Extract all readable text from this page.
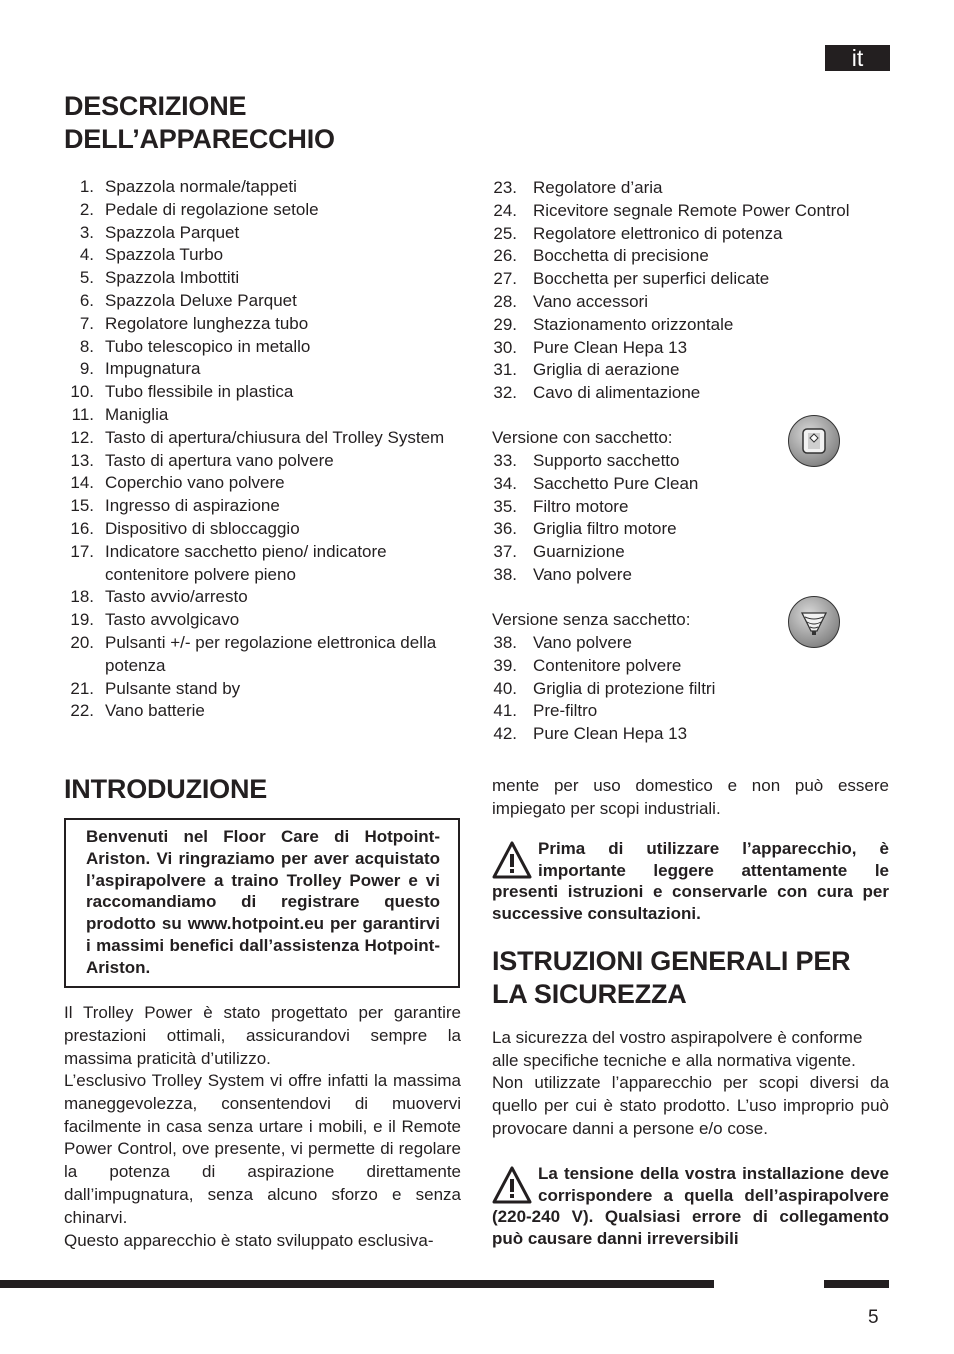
it
DESCRIZIONE
DELL’APPARECCHIO
1. Spazzola normale/tappeti
2. Pedale di regolazione setole
3. Spazzola Parquet
4. Spazzola Turbo
5. Spazzola Imbottiti
6. Spazzola Deluxe Parquet
7. Regolatore lunghezza tubo
8. Tubo telescopico in metallo
9. Impugnatura
10. Tubo flessibile in plastica
11. Maniglia
12. Tasto di apertura/chiusura del Trolley System
13. Tasto di apertura vano polvere
14. Coperchio vano polvere
15. Ingresso di aspirazione
16. Dispositivo di sbloccaggio
17. Indicatore sacchetto pieno/ indicatore contenitore polvere pieno
18. Tasto avvio/arresto
19. Tasto avvolgicavo
20. Pulsanti +/- per regolazione elettronica della potenza
21. Pulsante stand by
22. Vano batterie
23. Regolatore d’aria
24. Ricevitore segnale Remote Power Control
25. Regolatore elettronico di potenza
26. Bocchetta di precisione
27. Bocchetta per superfici delicate
28. Vano accessori
29. Stazionamento orizzontale
30. Pure Clean Hepa 13
31. Griglia di aerazione
32. Cavo di alimentazione
Versione con sacchetto:
33. Supporto sacchetto
34. Sacchetto Pure Clean
35. Filtro motore
36. Griglia filtro motore
37. Guarnizione
38. Vano polvere
Versione senza sacchetto:
38. Vano polvere
39. Contenitore polvere
40. Griglia di protezione filtri
41. Pre-filtro
42. Pure Clean Hepa 13
INTRODUZIONE
Benvenuti nel Floor Care di Hotpoint-Ariston. Vi ringraziamo per aver acquistato l’aspirapolvere a traino Trolley Power e vi raccomandiamo di registrare questo prodotto su www.hotpoint.eu per garantirvi i massimi benefici dall’assistenza Hotpoint-Ariston.

Il Trolley Power è stato progettato per garantire prestazioni ottimali, assicurandovi sempre la massima praticità d’utilizzo.

L’esclusivo Trolley System vi offre infatti la massima maneggevolezza, consentendovi di muovervi facilmente in casa senza urtare i mobili, e il Remote Power Control, ove presente, vi permette di regolare la potenza di aspirazione direttamente dall’impugnatura, senza alcuno sforzo e senza chinarvi.

Questo apparecchio è stato sviluppato esclusiva-

mente per uso domestico e non può essere impiegato per scopi industriali.

Prima di utilizzare l’apparecchio, è importante leggere attentamente le presenti istruzioni e conservarle con cura per successive consultazioni.
ISTRUZIONI GENERALI PER
LA SICUREZZA

La sicurezza del vostro aspirapolvere è conforme alle specifiche tecniche e alla normativa vigente.

Non utilizzate l’apparecchio per scopi diversi da quello per cui è stato prodotto. L’uso improprio può provocare danni a persone e/o cose.

La tensione della vostra installazione deve corrispondere a quella dell’aspirapolvere (220-240 V). Qualsiasi errore di collegamento può causare danni irreversibili
5
